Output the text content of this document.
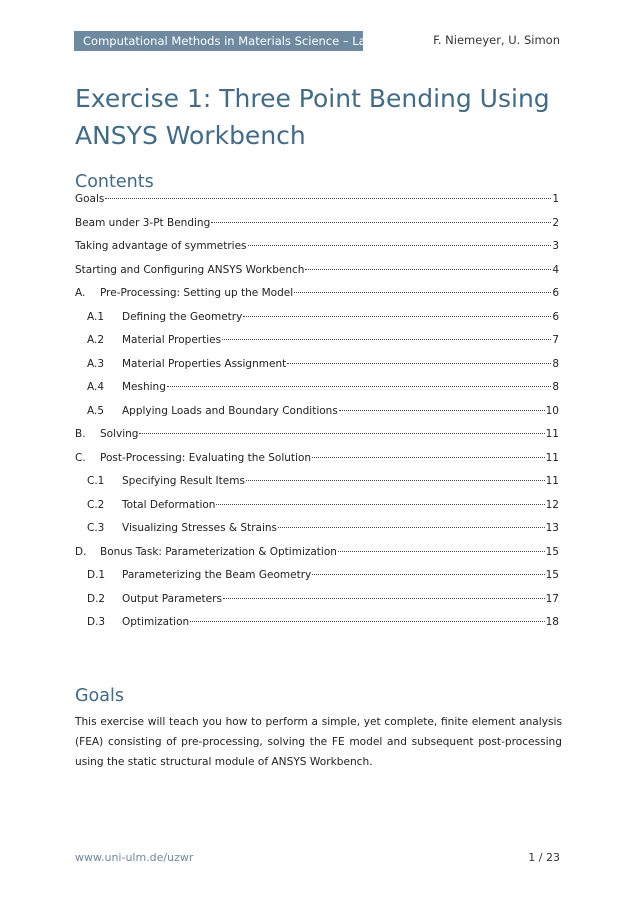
Computational Methods in Materials Science – Lab 1	F. Niemeyer, U. Simon
Exercise 1: Three Point Bending Using ANSYS Workbench
Contents
Goals	1
Beam under 3-Pt Bending	2
Taking advantage of symmetries	3
Starting and Configuring ANSYS Workbench	4
A.	Pre-Processing: Setting up the Model	6
A.1	Defining the Geometry	6
A.2	Material Properties	7
A.3	Material Properties Assignment	8
A.4	Meshing	8
A.5	Applying Loads and Boundary Conditions	10
B.	Solving	11
C.	Post-Processing: Evaluating the Solution	11
C.1	Specifying Result Items	11
C.2	Total Deformation	12
C.3	Visualizing Stresses & Strains	13
D.	Bonus Task: Parameterization & Optimization	15
D.1	Parameterizing the Beam Geometry	15
D.2	Output Parameters	17
D.3	Optimization	18
Goals

This exercise will teach you how to perform a simple, yet complete, finite element analysis (FEA) consisting of pre-processing, solving the FE model and subsequent post-processing using the static structural module of ANSYS Workbench.

www.uni-ulm.de/uzwr	1 / 23
